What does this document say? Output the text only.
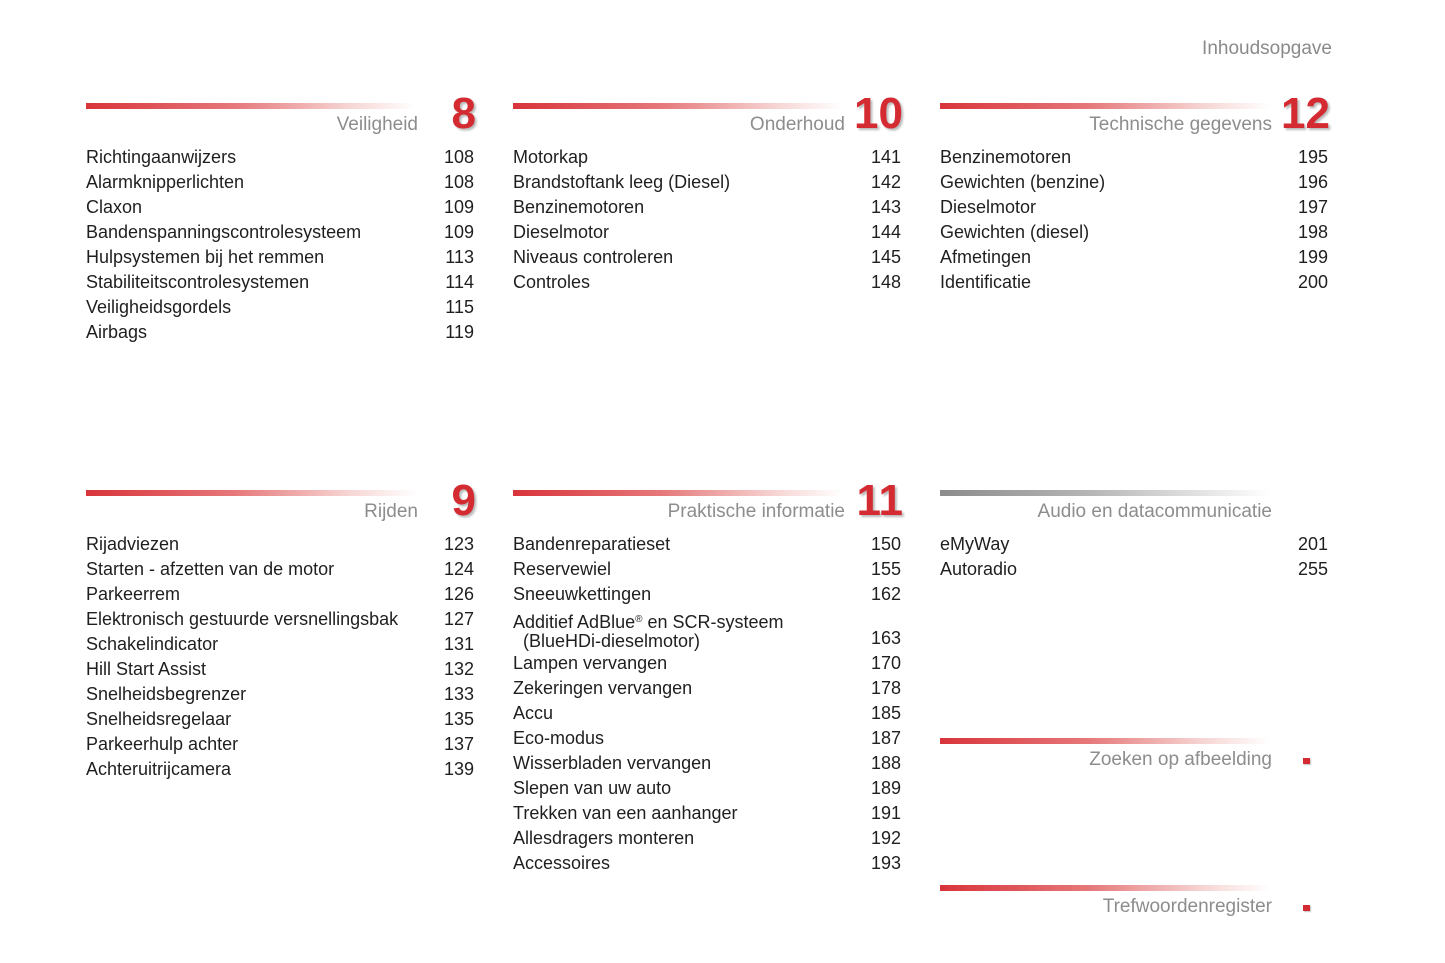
Inhoudsopgave
Veiligheid 8
Richtingaanwijzers	108
Alarmknipperlichten	108
Claxon	109
Bandenspanningscontrolesysteem	109
Hulpsystemen bij het remmen	113
Stabiliteitscontrolesystemen	114
Veiligheidsgordels	115
Airbags	119
Onderhoud 10
Motorkap	141
Brandstoftank leeg (Diesel)	142
Benzinemotoren	143
Dieselmotor	144
Niveaus controleren	145
Controles	148
Technische gegevens 12
Benzinemotoren	195
Gewichten (benzine)	196
Dieselmotor	197
Gewichten (diesel)	198
Afmetingen	199
Identificatie	200
Rijden 9
Rijadviezen	123
Starten - afzetten van de motor	124
Parkeerrem	126
Elektronisch gestuurde versnellingsbak	127
Schakelindicator	131
Hill Start Assist	132
Snelheidsbegrenzer	133
Snelheidsregelaar	135
Parkeerhulp achter	137
Achteruitrijcamera	139
Praktische informatie 11
Bandenreparatieset	150
Reservewiel	155
Sneeuwkettingen	162
Additief AdBlue® en SCR-systeem
(BlueHDi-dieselmotor)	163
Lampen vervangen	170
Zekeringen vervangen	178
Accu	185
Eco-modus	187
Wisserbladen vervangen	188
Slepen van uw auto	189
Trekken van een aanhanger	191
Allesdragers monteren	192
Accessoires	193
Audio en datacommunicatie
eMyWay	201
Autoradio	255
Zoeken op afbeelding
Trefwoordenregister
